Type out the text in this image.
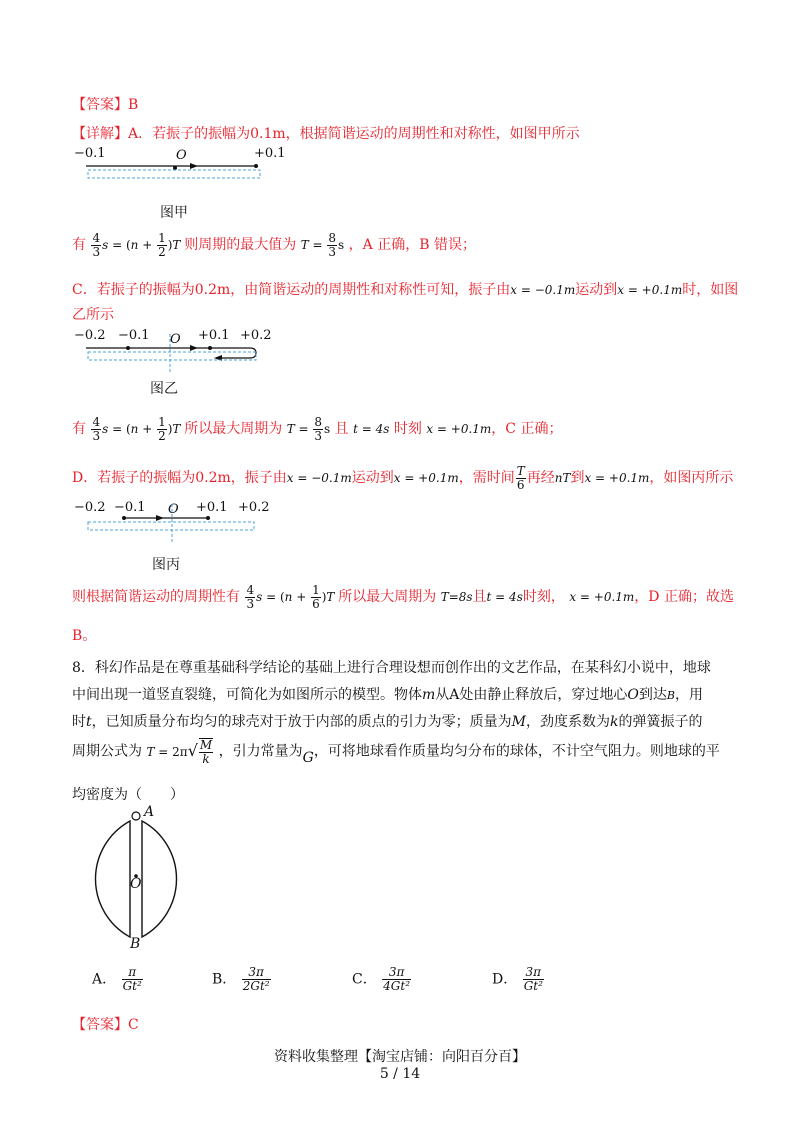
【答案】B
【详解】A．若振子的振幅为0.1m，根据简谐运动的周期性和对称性，如图甲所示
−0.1	O	+0.1
图甲
有 $\frac{4}{3}$ $s = (n + \frac{1}{2} )T$ 则周期的最大值为 $T = \frac{8}{3}$ s ，A 正确，B 错误；
C．若振子的振幅为0.2m，由简谐运动的周期性和对称性可知，振子由x = −0.1m运动到x = +0.1m时，如图
乙所示
−0.2 −0.1 O +0.1 +0.2
图乙
有 $\frac{4}{3}$ $s = (n + \frac{1}{2} )T$ 所以最大周期为 $T = \frac{8}{3}$ s 且 t = 4s 时刻 x = +0.1m，C 正确；
D．若振子的振幅为0.2m，振子由x = −0.1m运动到x = +0.1m，需时间 $\frac{T}{6}$ 再经nT到x = +0.1m，如图丙所示
−0.2 −0.1 O +0.1 +0.2
图丙
则根据简谐运动的周期性有 $\frac{4}{3}$ $s = (n + \frac{1}{6} )T$ 所以最大周期为 T=8s且t = 4s时刻， x = +0.1m，D 正确；故选
B。
8．科幻作品是在尊重基础科学结论的基础上进行合理设想而创作出的文艺作品，在某科幻小说中，地球
中间出现一道竖直裂缝，可简化为如图所示的模型。物体m从A处由静止释放后，穿过地心O到达B，用
时t，已知质量分布均匀的球壳对于放于内部的质点的引力为零；质量为M，劲度系数为k的弹簧振子的
周期公式为 $T = 2\pi√ \frac{M}{k}$ ，引力常量为G，可将地球看作质量均匀分布的球体，不计空气阻力。则地球的平
均密度为（　　）
A
O
B
A． $\frac{\pi}{\text{Gt²}}$	B． $\frac{3\pi}{\text{2Gt²}}$	C． $\frac{3\pi}{\text{4Gt²}}$	D． $\frac{3\pi}{\text{Gt²}}$
【答案】C
资料收集整理【淘宝店铺：向阳百分百】
5 / 14
